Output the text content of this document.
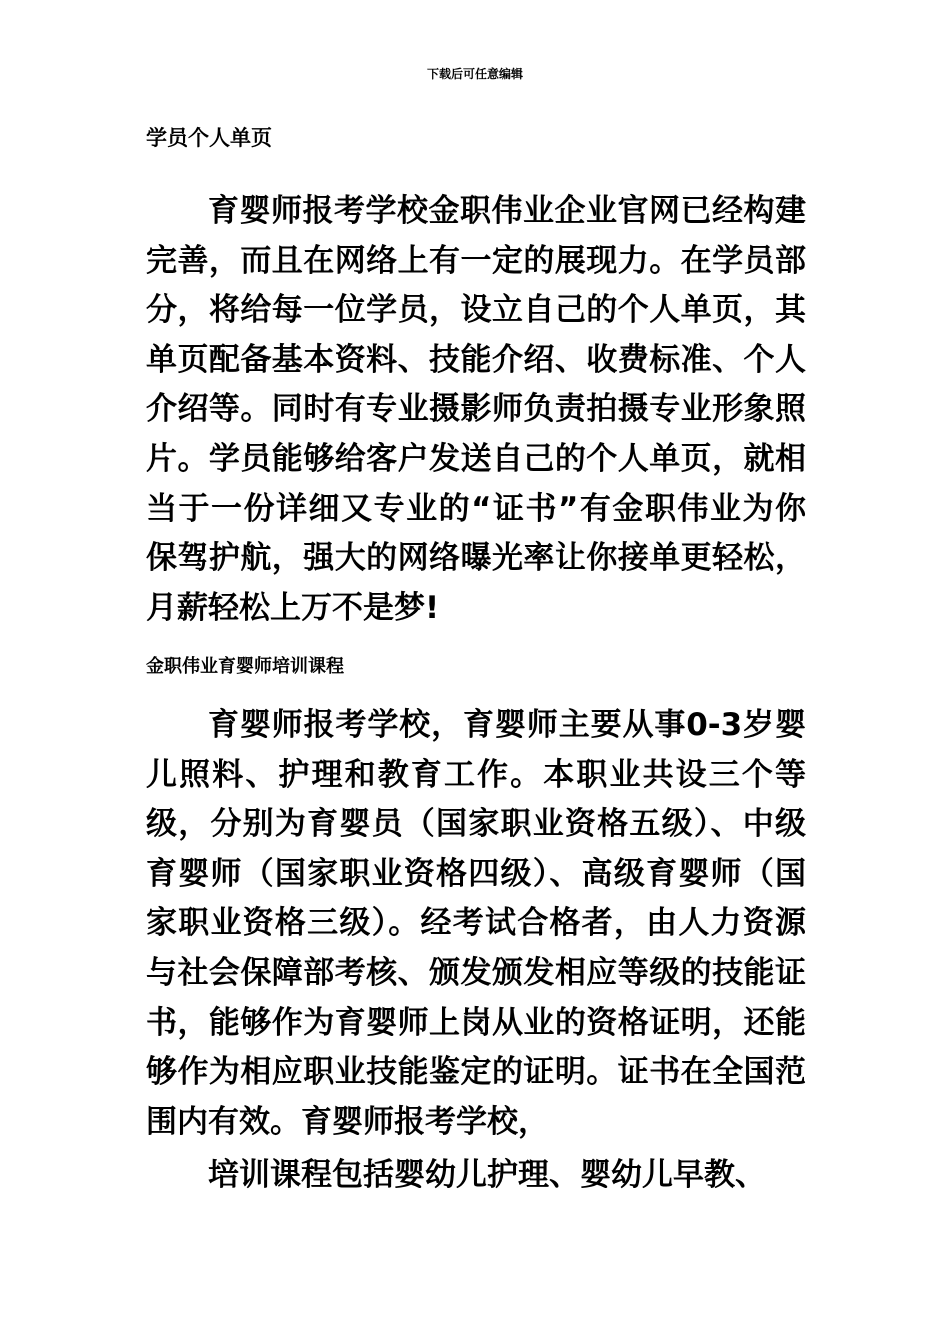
下载后可任意编辑
学员个人单页

育婴师报考学校金职伟业企业官网已经构建完善，而且在网络上有一定的展现力。在学员部分，将给每一位学员，设立自己的个人单页，其单页配备基本资料、技能介绍、收费标准、个人介绍等。同时有专业摄影师负责拍摄专业形象照片。学员能够给客户发送自己的个人单页，就相当于一份详细又专业的“证书”有金职伟业为你保驾护航，强大的网络曝光率让你接单更轻松，月薪轻松上万不是梦!

金职伟业育婴师培训课程

育婴师报考学校，育婴师主要从事0-3岁婴儿照料、护理和教育工作。本职业共设三个等级，分别为育婴员（国家职业资格五级）、中级育婴师（国家职业资格四级）、高级育婴师（国家职业资格三级）。经考试合格者，由人力资源与社会保障部考核、颁发颁发相应等级的技能证书，能够作为育婴师上岗从业的资格证明，还能够作为相应职业技能鉴定的证明。证书在全国范围内有效。育婴师报考学校，

培训课程包括婴幼儿护理、婴幼儿早教、
